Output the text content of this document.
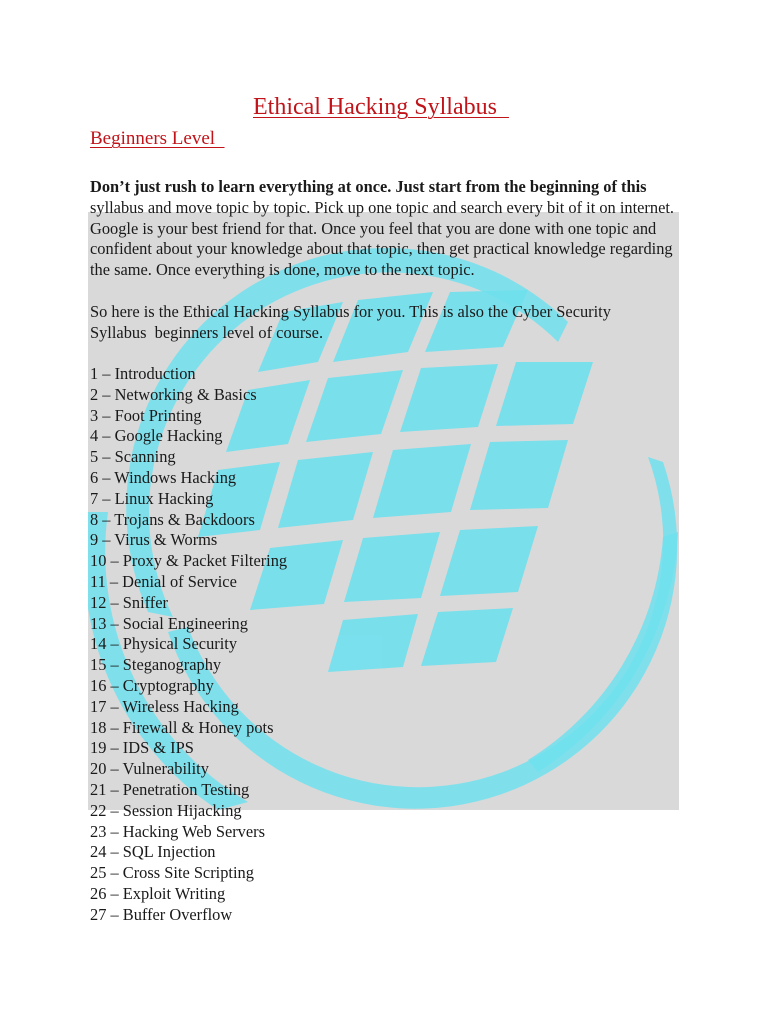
Ethical Hacking Syllabus
Beginners Level

Don’t just rush to learn everything at once. Just start from the beginning of this
syllabus and move topic by topic. Pick up one topic and search every bit of it on internet. Google is your best friend for that. Once you feel that you are done with one topic and confident about your knowledge about that topic, then get practical knowledge regarding the same. Once everything is done, move to the next topic.

So here is the Ethical Hacking Syllabus for you. This is also the Cyber Security
Syllabus  beginners level of course.

1 – Introduction
2 – Networking & Basics
3 – Foot Printing
4 – Google Hacking
5 – Scanning
6 – Windows Hacking
7 – Linux Hacking
8 – Trojans & Backdoors
9 – Virus & Worms
10 – Proxy & Packet Filtering
11 – Denial of Service
12 – Sniffer
13 – Social Engineering
14 – Physical Security
15 – Steganography
16 – Cryptography
17 – Wireless Hacking
18 – Firewall & Honey pots
19 – IDS & IPS
20 – Vulnerability
21 – Penetration Testing
22 – Session Hijacking
23 – Hacking Web Servers
24 – SQL Injection
25 – Cross Site Scripting
26 – Exploit Writing
27 – Buffer Overflow
